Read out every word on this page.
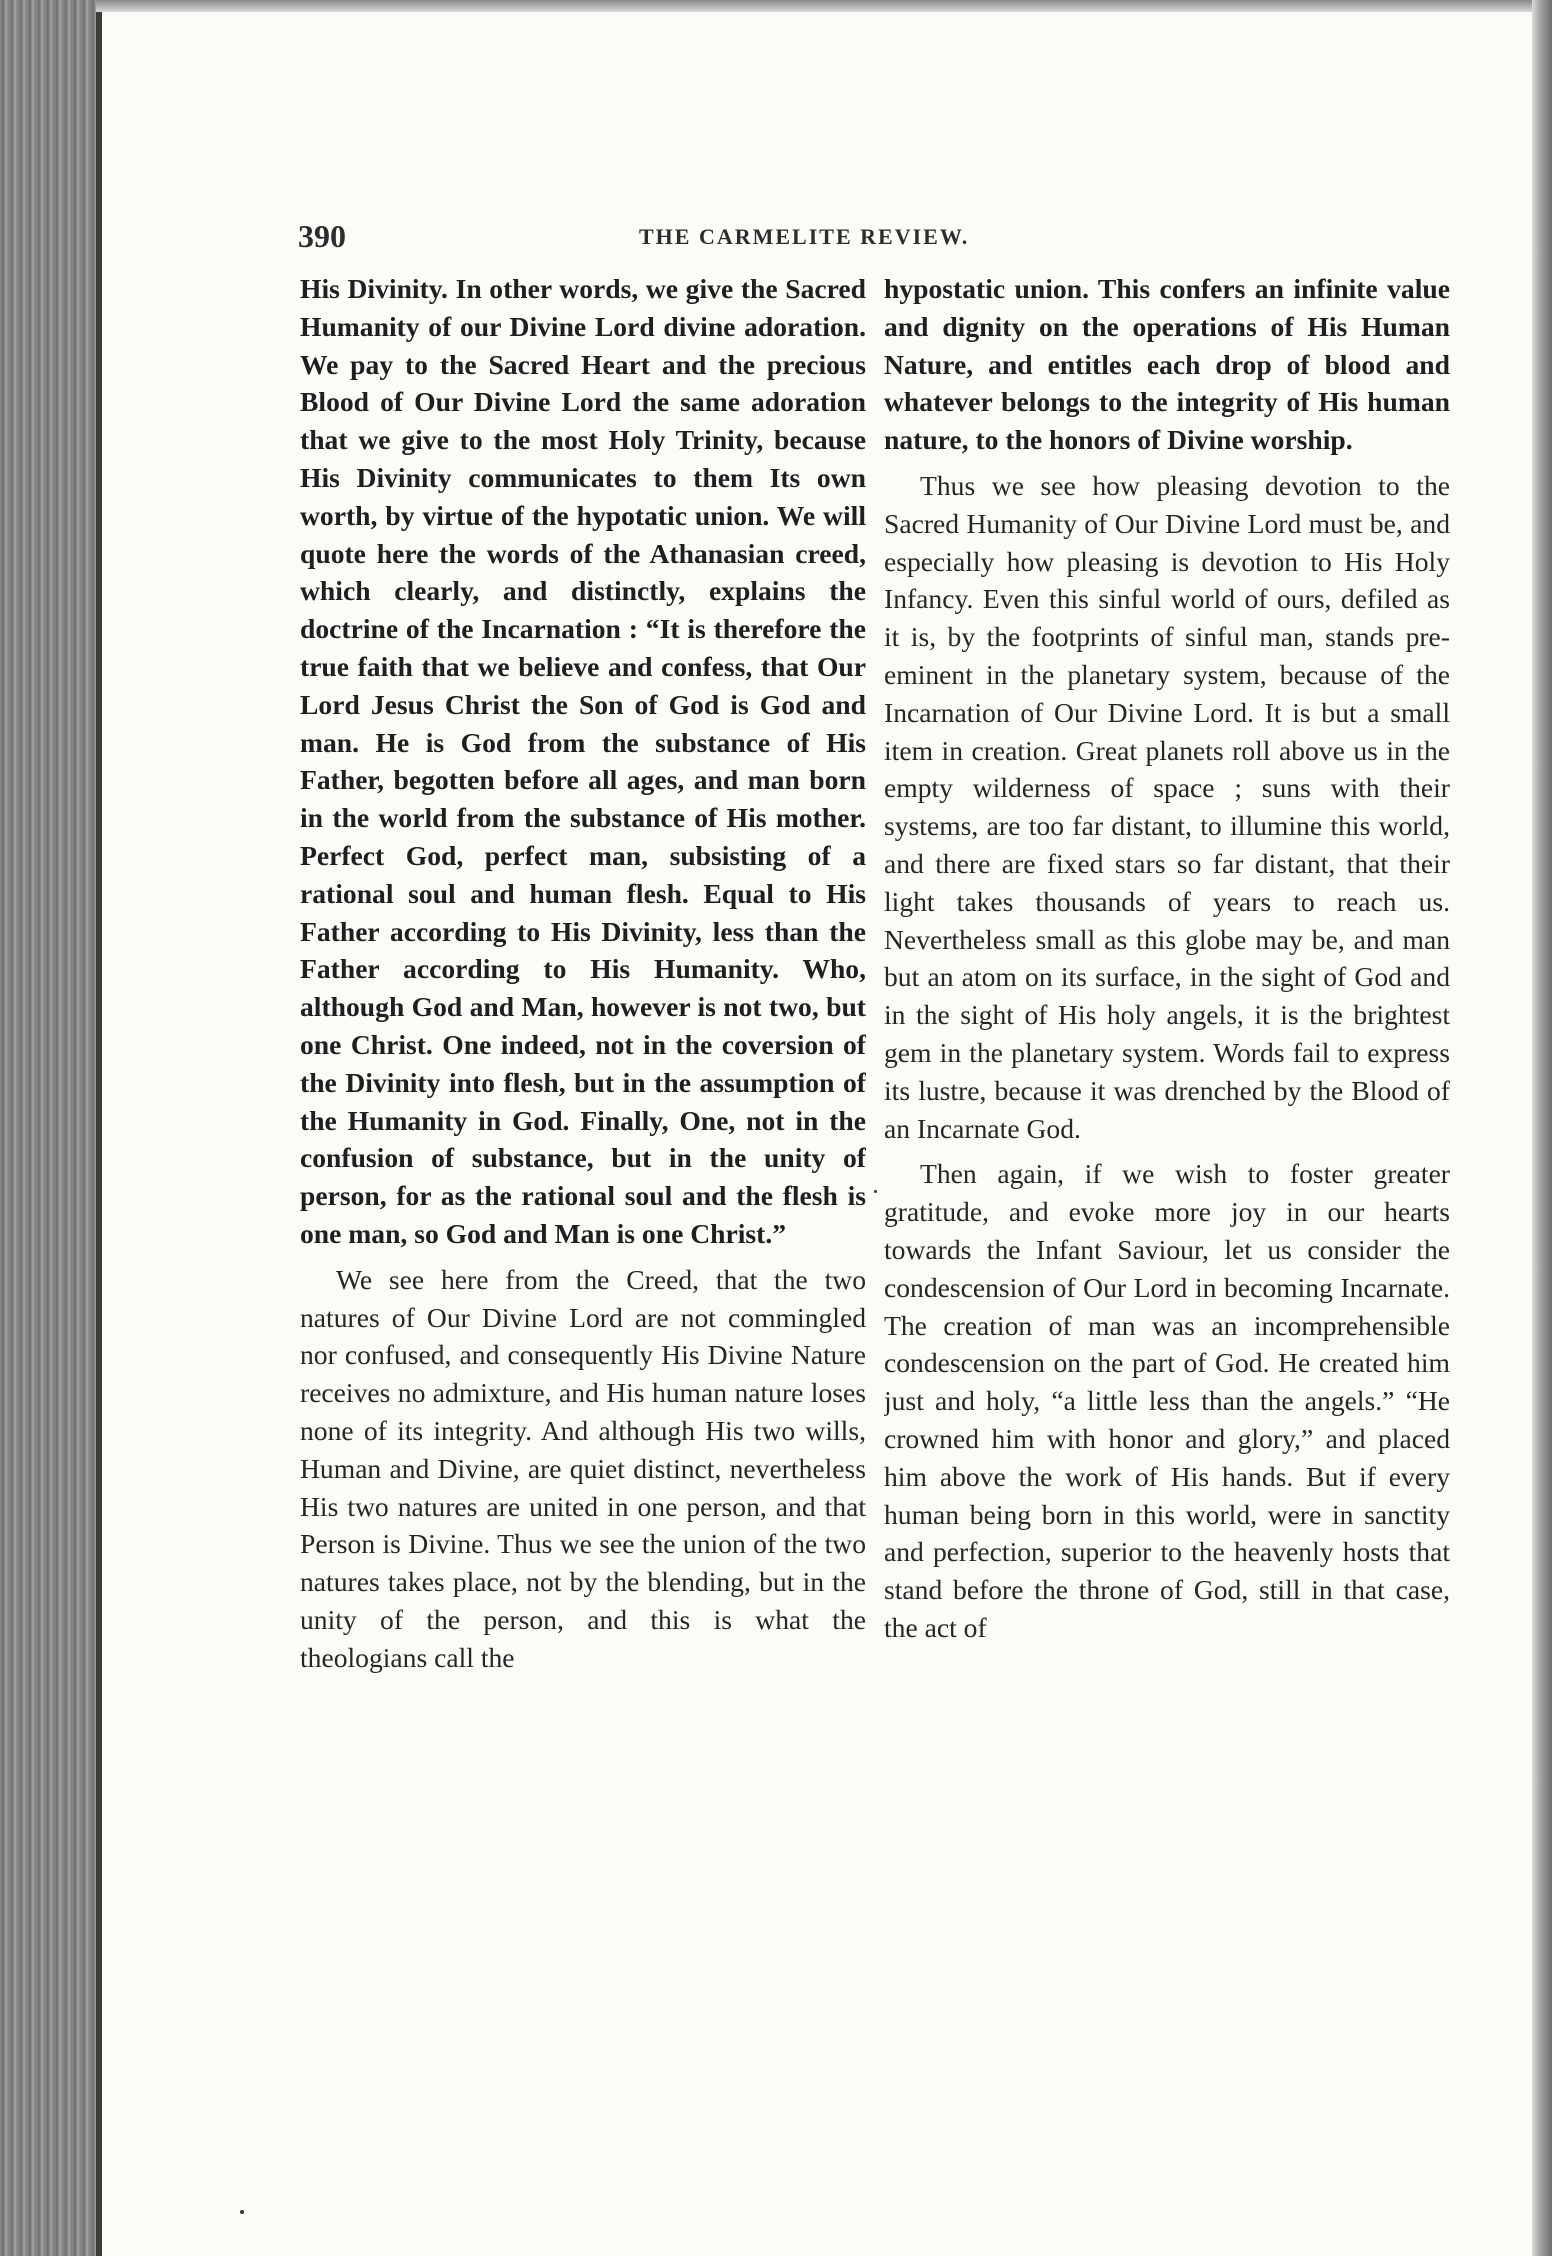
390	THE CARMELITE REVIEW.

His Divinity. In other words, we give the Sacred Humanity of our Divine Lord divine adoration. We pay to the Sacred Heart and the precious Blood of Our Divine Lord the same adoration that we give to the most Holy Trinity, because His Divinity communicates to them Its own worth, by virtue of the hypotatic union. We will quote here the words of the Athanasian creed, which clearly, and distinctly, explains the doctrine of the Incarnation : “It is therefore the true faith that we believe and confess, that Our Lord Jesus Christ the Son of God is God and man. He is God from the substance of His Father, begotten before all ages, and man born in the world from the substance of His mother. Perfect God, perfect man, subsisting of a rational soul and human flesh. Equal to His Father according to His Divinity, less than the Father according to His Humanity. Who, although God and Man, however is not two, but one Christ. One indeed, not in the coversion of the Divinity into flesh, but in the assumption of the Humanity in God. Finally, One, not in the confusion of substance, but in the unity of person, for as the rational soul and the flesh is one man, so God and Man is one Christ.”

We see here from the Creed, that the two natures of Our Divine Lord are not commingled nor confused, and consequently His Divine Nature receives no admixture, and His human nature loses none of its integrity. And although His two wills, Human and Divine, are quiet distinct, nevertheless His two natures are united in one person, and that Person is Divine. Thus we see the union of the two natures takes place, not by the blending, but in the unity of the person, and this is what the theologians call the

hypostatic union. This confers an infinite value and dignity on the operations of His Human Nature, and entitles each drop of blood and whatever belongs to the integrity of His human nature, to the honors of Divine worship.

Thus we see how pleasing devotion to the Sacred Humanity of Our Divine Lord must be, and especially how pleasing is devotion to His Holy Infancy. Even this sinful world of ours, defiled as it is, by the footprints of sinful man, stands pre-eminent in the planetary system, because of the Incarnation of Our Divine Lord. It is but a small item in creation. Great planets roll above us in the empty wilderness of space ; suns with their systems, are too far distant, to illumine this world, and there are fixed stars so far distant, that their light takes thousands of years to reach us. Nevertheless small as this globe may be, and man but an atom on its surface, in the sight of God and in the sight of His holy angels, it is the brightest gem in the planetary system. Words fail to express its lustre, because it was drenched by the Blood of an Incarnate God.

Then again, if we wish to foster greater gratitude, and evoke more joy in our hearts towards the Infant Saviour, let us consider the condescension of Our Lord in becoming Incarnate. The creation of man was an incomprehensible condescension on the part of God. He created him just and holy, “a little less than the angels.” “He crowned him with honor and glory,” and placed him above the work of His hands. But if every human being born in this world, were in sanctity and perfection, superior to the heavenly hosts that stand before the throne of God, still in that case, the act of
